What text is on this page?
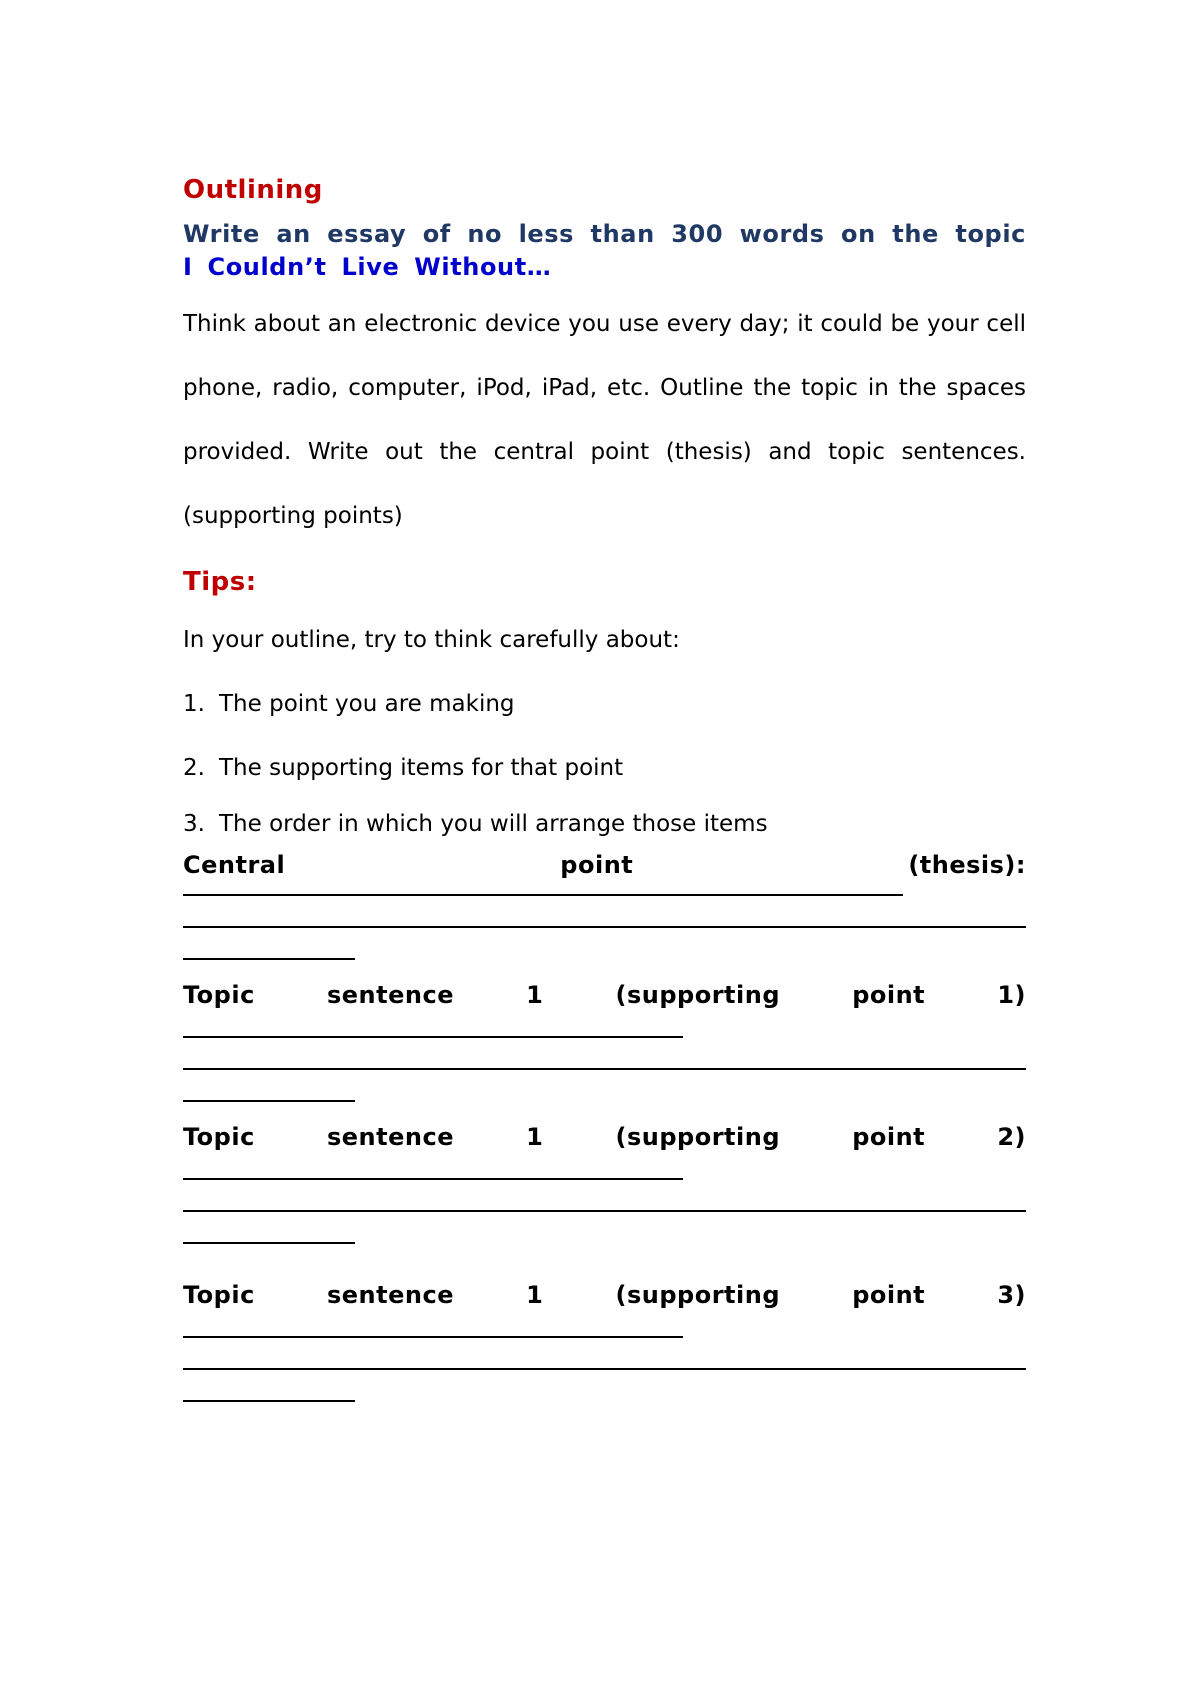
Outlining

Write an essay of no less than 300 words on the topic I Couldn’t Live Without…

Think about an electronic device you use every day; it could be your cell phone, radio, computer, iPod, iPad, etc. Outline the topic in the spaces provided. Write out the central point (thesis) and topic sentences. (supporting points)

Tips:

In your outline, try to think carefully about:

1. The point you are making
2. The supporting items for that point
3. The order in which you will arrange those items

Central	point	(thesis):

Topic	sentence	1	(supporting	point	1)

Topic	sentence	1	(supporting	point	2)

Topic	sentence	1	(supporting	point	3)
